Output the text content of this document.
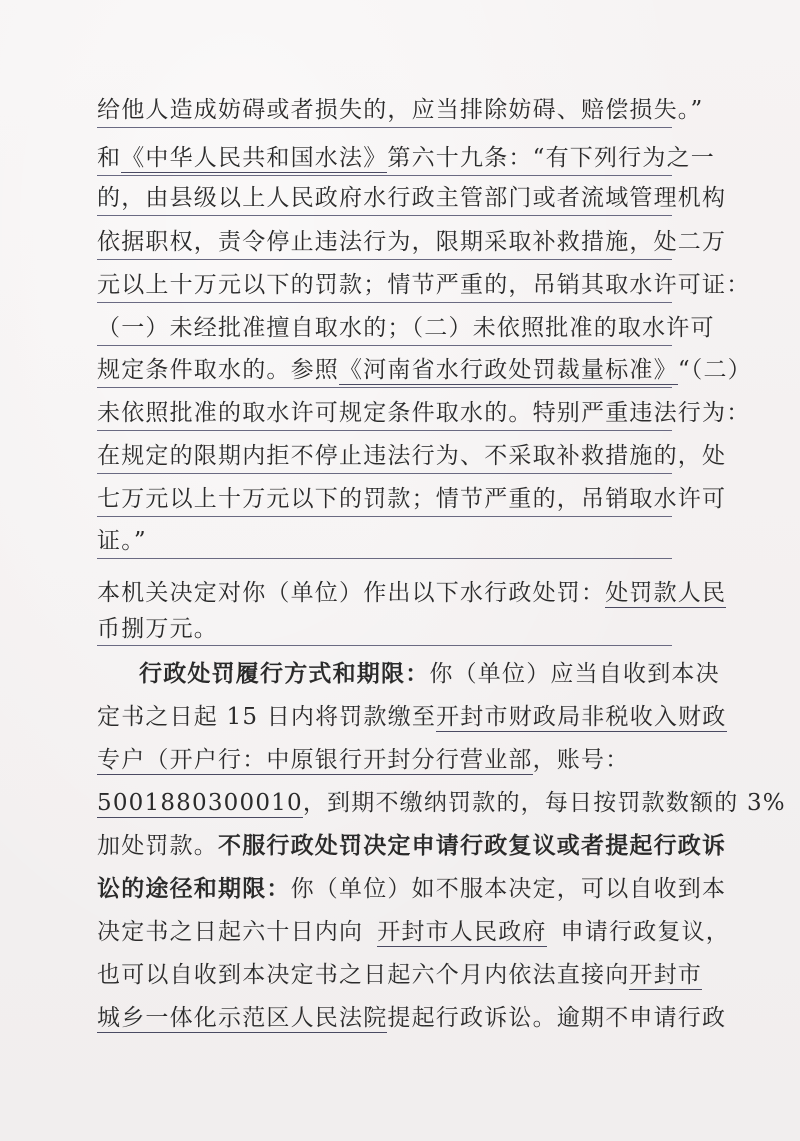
给他人造成妨碍或者损失的，应当排除妨碍、赔偿损失。”
和《中华人民共和国水法》第六十九条：“有下列行为之一
的，由县级以上人民政府水行政主管部门或者流域管理机构
依据职权，责令停止违法行为，限期采取补救措施，处二万
元以上十万元以下的罚款；情节严重的，吊销其取水许可证：
（一）未经批准擅自取水的；（二）未依照批准的取水许可
规定条件取水的。参照《河南省水行政处罚裁量标准》“（二）
未依照批准的取水许可规定条件取水的。特别严重违法行为：
在规定的限期内拒不停止违法行为、不采取补救措施的，处
七万元以上十万元以下的罚款；情节严重的，吊销取水许可
证。”
本机关决定对你（单位）作出以下水行政处罚：处罚款人民
币捌万元。
行政处罚履行方式和期限：你（单位）应当自收到本决
定书之日起 15 日内将罚款缴至开封市财政局非税收入财政
专户（开户行：中原银行开封分行营业部，账号：
5001880300010，到期不缴纳罚款的，每日按罚款数额的 3%
加处罚款。不服行政处罚决定申请行政复议或者提起行政诉
讼的途径和期限：你（单位）如不服本决定，可以自收到本
决定书之日起六十日内向 开封市人民政府 申请行政复议，
也可以自收到本决定书之日起六个月内依法直接向开封市
城乡一体化示范区人民法院提起行政诉讼。逾期不申请行政
